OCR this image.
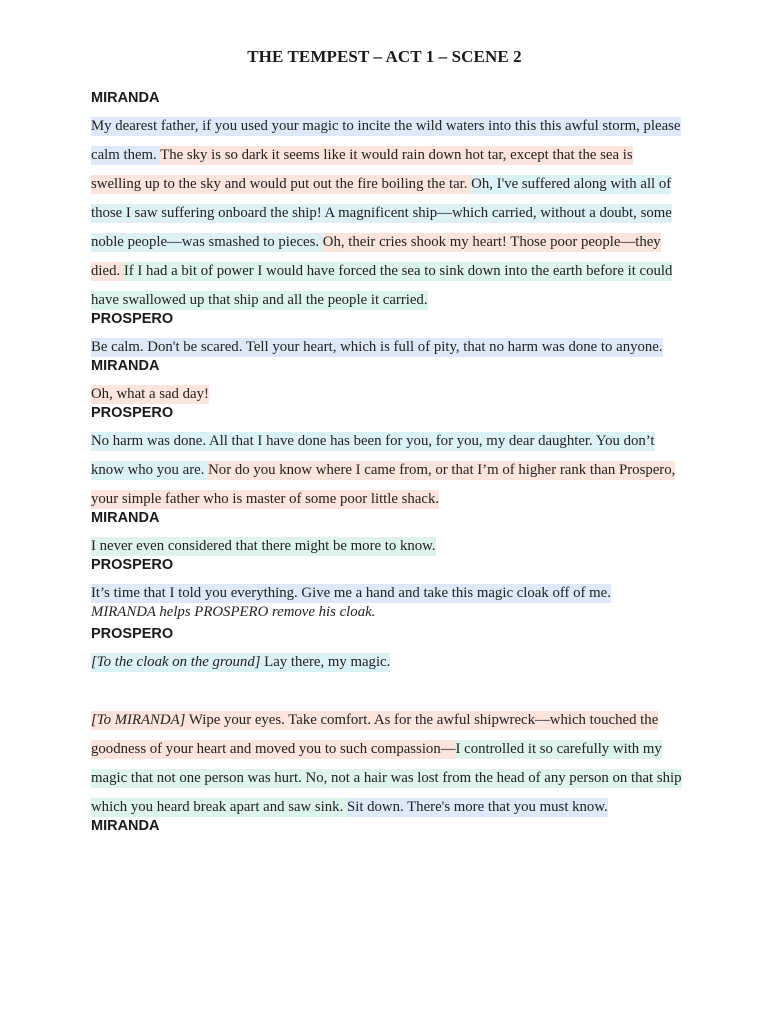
THE TEMPEST – ACT 1 – SCENE 2
MIRANDA

My dearest father, if you used your magic to incite the wild waters into this this awful storm, please calm them. The sky is so dark it seems like it would rain down hot tar, except that the sea is swelling up to the sky and would put out the fire boiling the tar. Oh, I've suffered along with all of those I saw suffering onboard the ship! A magnificent ship—which carried, without a doubt, some noble people—was smashed to pieces. Oh, their cries shook my heart! Those poor people—they died. If I had a bit of power I would have forced the sea to sink down into the earth before it could have swallowed up that ship and all the people it carried.

PROSPERO

Be calm. Don't be scared. Tell your heart, which is full of pity, that no harm was done to anyone.

MIRANDA

Oh, what a sad day!

PROSPERO

No harm was done. All that I have done has been for you, for you, my dear daughter. You don’t know who you are. Nor do you know where I came from, or that I’m of higher rank than Prospero, your simple father who is master of some poor little shack.

MIRANDA

I never even considered that there might be more to know.

PROSPERO

It’s time that I told you everything. Give me a hand and take this magic cloak off of me.

MIRANDA helps PROSPERO remove his cloak.
PROSPERO

[To the cloak on the ground] Lay there, my magic.

[To MIRANDA] Wipe your eyes. Take comfort. As for the awful shipwreck—which touched the goodness of your heart and moved you to such compassion—I controlled it so carefully with my magic that not one person was hurt. No, not a hair was lost from the head of any person on that ship which you heard break apart and saw sink. Sit down. There's more that you must know.

MIRANDA
